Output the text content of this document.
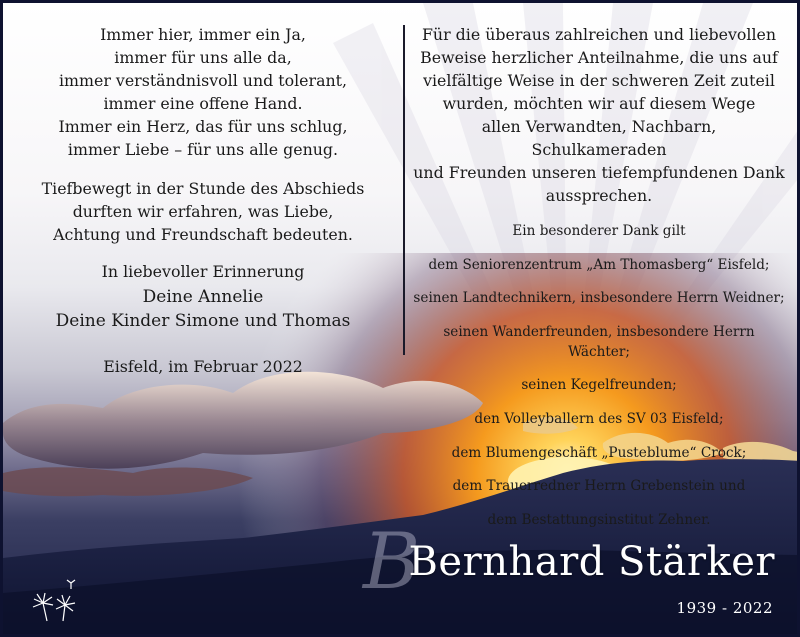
Immer hier, immer ein Ja,

immer für uns alle da,

immer verständnisvoll und tolerant,

immer eine offene Hand.

Immer ein Herz, das für uns schlug,

immer Liebe – für uns alle genug.

Tiefbewegt in der Stunde des Abschieds

durften wir erfahren, was Liebe,

Achtung und Freundschaft bedeuten.

In liebevoller Erinnerung

Deine Annelie

Deine Kinder Simone und Thomas

Eisfeld, im Februar 2022

Für die überaus zahlreichen und liebevollen

Beweise herzlicher Anteilnahme, die uns auf

vielfältige Weise in der schweren Zeit zuteil

wurden, möchten wir auf diesem Wege

allen Verwandten, Nachbarn, Schulkameraden

und Freunden unseren tiefempfundenen Dank

aussprechen.

Ein besonderer Dank gilt

dem Seniorenzentrum „Am Thomasberg“ Eisfeld;

seinen Landtechnikern, insbesondere Herrn Weidner;

seinen Wanderfreunden, insbesondere Herrn Wächter;

seinen Kegelfreunden;

den Volleyballern des SV 03 Eisfeld;

dem Blumengeschäft „Pusteblume“ Crock;

dem Trauerredner Herrn Grebenstein und

dem Bestattungsinstitut Zehner.

B
Bernhard Stärker
1939 - 2022
